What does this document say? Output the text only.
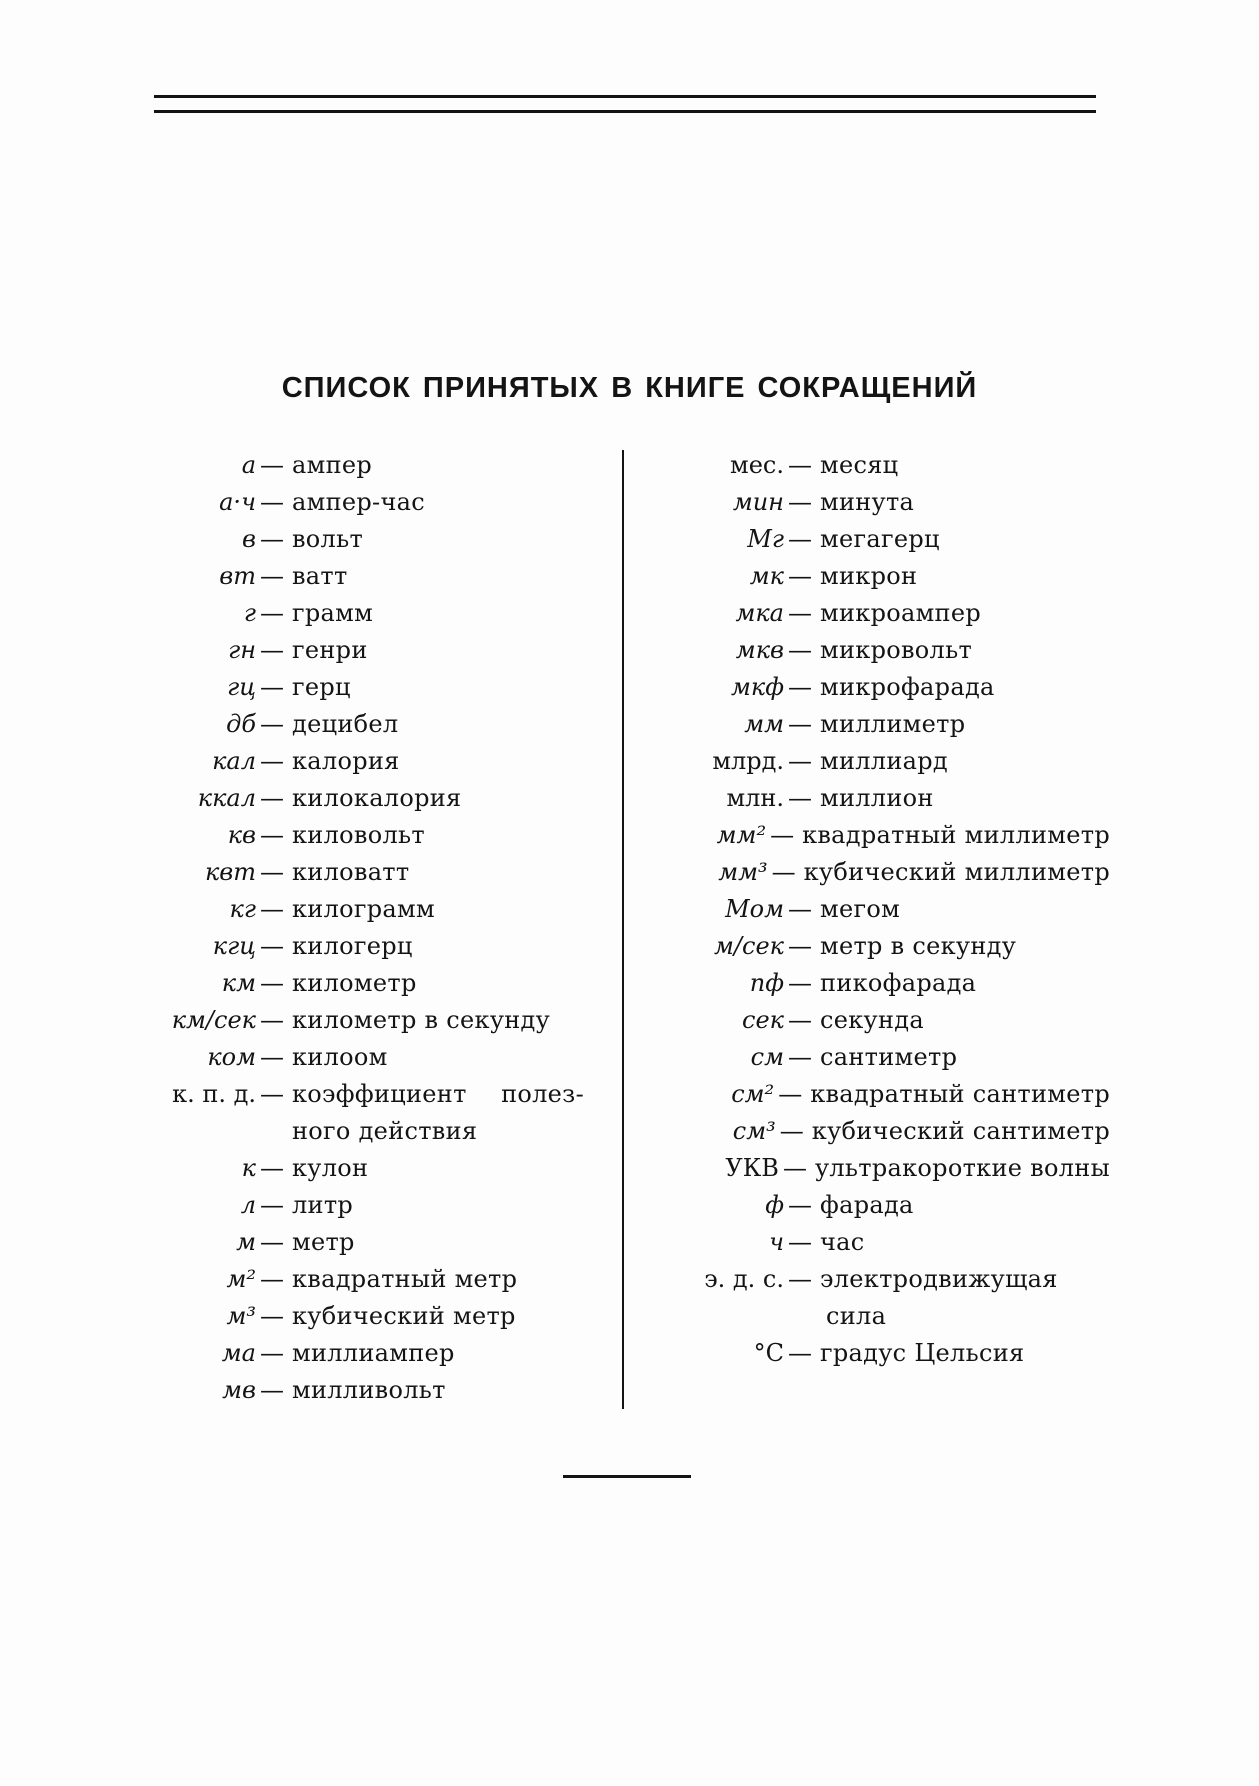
СПИСОК ПРИНЯТЫХ В КНИГЕ СОКРАЩЕНИЙ
а — ампер
а·ч — ампер-час
в — вольт
вт — ватт
г — грамм
гн — генри
гц — герц
дб — децибел
кал — калория
ккал — килокалория
кв — киловольт
квт — киловатт
кг — килограмм
кгц — килогерц
км — километр
км/сек — километр в секунду
ком — килоом
к. п. д. — коэффициент полез-
ного действия
к — кулон
л — литр
м — метр
м² — квадратный метр
м³ — кубический метр
ма — миллиампер
мв — милливольт
мес. — месяц
мин — минута
Мг — мегагерц
мк — микрон
мка — микроампер
мкв — микровольт
мкф — микрофарада
мм — миллиметр
млрд. — миллиард
млн. — миллион
мм² — квадратный миллиметр
мм³ — кубический миллиметр
Мом — мегом
м/сек — метр в секунду
пф — пикофарада
сек — секунда
см — сантиметр
см² — квадратный сантиметр
см³ — кубический сантиметр
УКВ — ультракороткие волны
ф — фарада
ч — час
э. д. с. — электродвижущая
сила
°С — градус Цельсия
